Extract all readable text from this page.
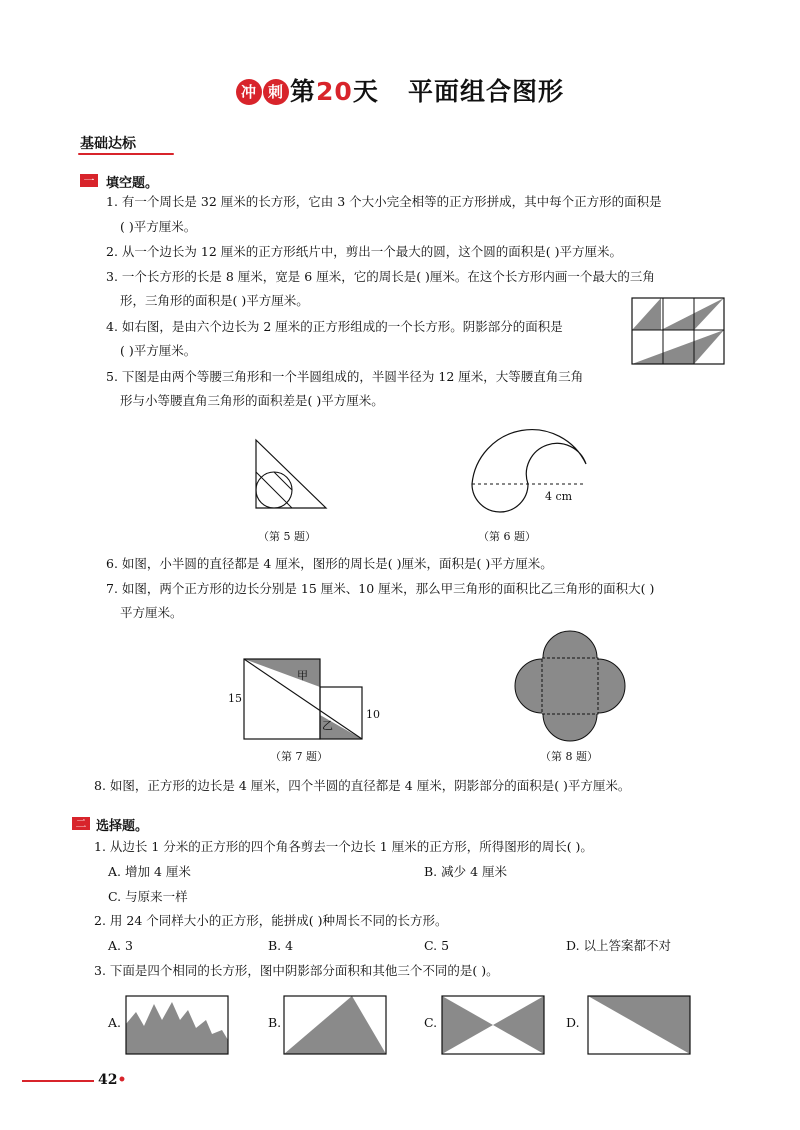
冲 刺 第20天 平面组合图形
基础达标
一 填空题。
1. 有一个周长是 32 厘米的长方形，它由 3 个大小完全相等的正方形拼成，其中每个正方形的面积是
( )平方厘米。
2. 从一个边长为 12 厘米的正方形纸片中，剪出一个最大的圆，这个圆的面积是( )平方厘米。
3. 一个长方形的长是 8 厘米，宽是 6 厘米，它的周长是( )厘米。在这个长方形内画一个最大的三角
形，三角形的面积是( )平方厘米。
4. 如右图，是由六个边长为 2 厘米的正方形组成的一个长方形。阴影部分的面积是
( )平方厘米。
5. 下图是由两个等腰三角形和一个半圆组成的，半圆半径为 12 厘米，大等腰直角三角
形与小等腰直角三角形的面积差是( )平方厘米。
（第 5 题）
4 cm
（第 6 题）
6. 如图，小半圆的直径都是 4 厘米，图形的周长是( )厘米，面积是( )平方厘米。
7. 如图，两个正方形的边长分别是 15 厘米、10 厘米，那么甲三角形的面积比乙三角形的面积大( )
平方厘米。
15
10
甲
乙
（第 7 题）	（第 8 题）
8. 如图，正方形的边长是 4 厘米，四个半圆的直径都是 4 厘米，阴影部分的面积是( )平方厘米。
二 选择题。
1. 从边长 1 分米的正方形的四个角各剪去一个边长 1 厘米的正方形，所得图形的周长( )。
A. 增加 4 厘米	B. 减少 4 厘米
C. 与原来一样
2. 用 24 个同样大小的正方形，能拼成( )种周长不同的长方形。
A. 3	B. 4	C. 5	D. 以上答案都不对
3. 下面是四个相同的长方形，图中阴影部分面积和其他三个不同的是( )。
A.	B.	C.	D.
42•
